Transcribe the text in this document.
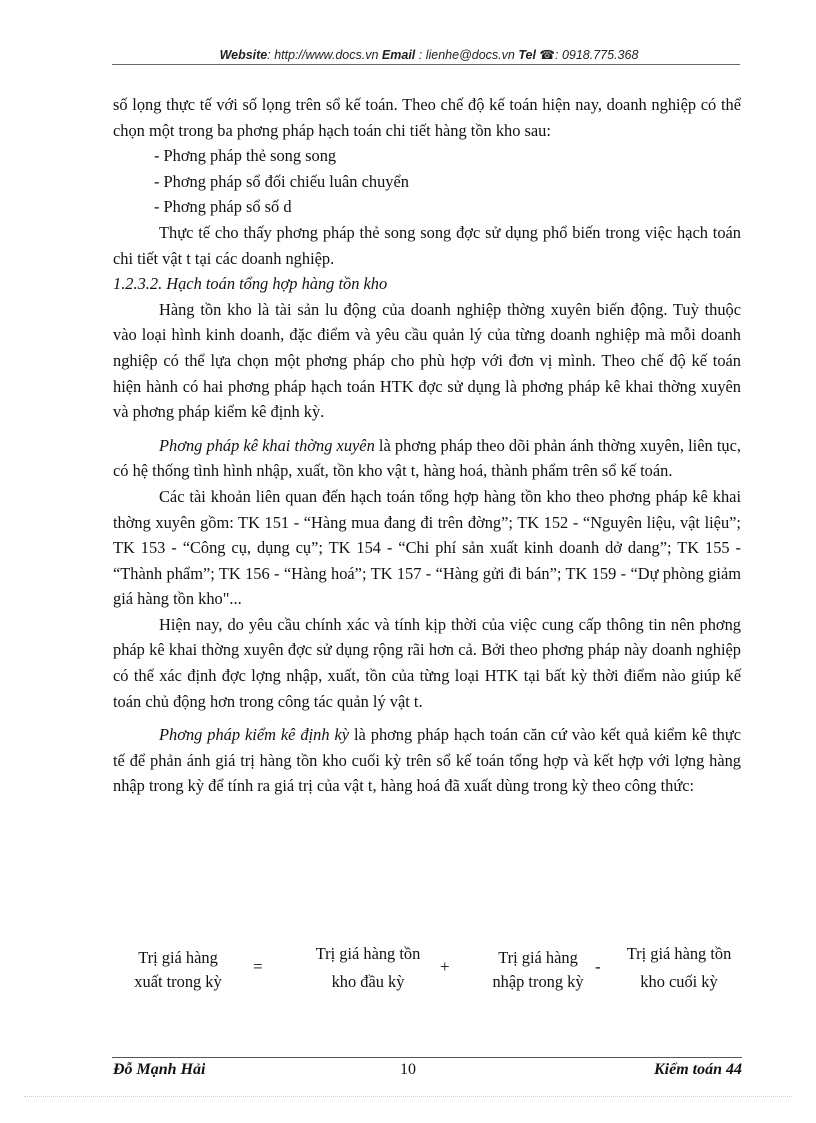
Website: http://www.docs.vn Email : lienhe@docs.vn Tel ☎: 0918.775.368

số lọng thực tế với số lọng trên sổ kế toán. Theo chế độ kế toán hiện nay, doanh nghiệp có thể chọn một trong ba phơng pháp hạch toán chi tiết hàng tồn kho sau:

- Phơng pháp thẻ song song

- Phơng pháp sổ đối chiếu luân chuyển

- Phơng pháp sổ số d

Thực tế cho thấy phơng pháp thẻ song song đợc sử dụng phổ biến trong việc hạch toán chi tiết vật t tại các doanh nghiệp.

1.2.3.2. Hạch toán tổng hợp hàng tồn kho

Hàng tồn kho là tài sản lu động của doanh nghiệp thờng xuyên biến động. Tuỳ thuộc vào loại hình kinh doanh, đặc điểm và yêu cầu quản lý của từng doanh nghiệp mà mỗi doanh nghiệp có thể lựa chọn một phơng pháp cho phù hợp với đơn vị mình. Theo chế độ kế toán hiện hành có hai phơng pháp hạch toán HTK đợc sử dụng là phơng pháp kê khai thờng xuyên và phơng pháp kiểm kê định kỳ.

Phơng pháp kê khai thờng xuyên là phơng pháp theo dõi phản ánh thờng xuyên, liên tục, có hệ thống tình hình nhập, xuất, tồn kho vật t, hàng hoá, thành phẩm trên sổ kế toán.

Các tài khoản liên quan đến hạch toán tổng hợp hàng tồn kho theo phơng pháp kê khai thờng xuyên gồm: TK 151 - “Hàng mua đang đi trên đờng”; TK 152 - “Nguyên liệu, vật liệu”; TK 153 - “Công cụ, dụng cụ”; TK 154 - “Chi phí sản xuất kinh doanh dở dang”; TK 155 - “Thành phẩm”; TK 156 - “Hàng hoá”; TK 157 - “Hàng gửi đi bán”; TK 159 - “Dự phòng giảm giá hàng tồn kho"...

Hiện nay, do yêu cầu chính xác và tính kịp thời của việc cung cấp thông tin nên phơng pháp kê khai thờng xuyên đợc sử dụng rộng rãi hơn cả. Bởi theo phơng pháp này doanh nghiệp có thể xác định đợc lợng nhập, xuất, tồn của từng loại HTK tại bất kỳ thời điểm nào giúp kế toán chủ động hơn trong công tác quản lý vật t.

Phơng pháp kiểm kê định kỳ là phơng pháp hạch toán căn cứ vào kết quả kiểm kê thực tế để phản ánh giá trị hàng tồn kho cuối kỳ trên sổ kế toán tổng hợp và kết hợp với lợng hàng nhập trong kỳ để tính ra giá trị của vật t, hàng hoá đã xuất dùng trong kỳ theo công thức:

Trị giá hàng
xuất trong kỳ
=
Trị giá hàng tồn
kho đầu kỳ
+	Trị giá hàng
nhập trong kỳ
-
Trị giá hàng tồn
kho cuối kỳ
Đỗ Mạnh Hải	10	Kiểm toán 44
